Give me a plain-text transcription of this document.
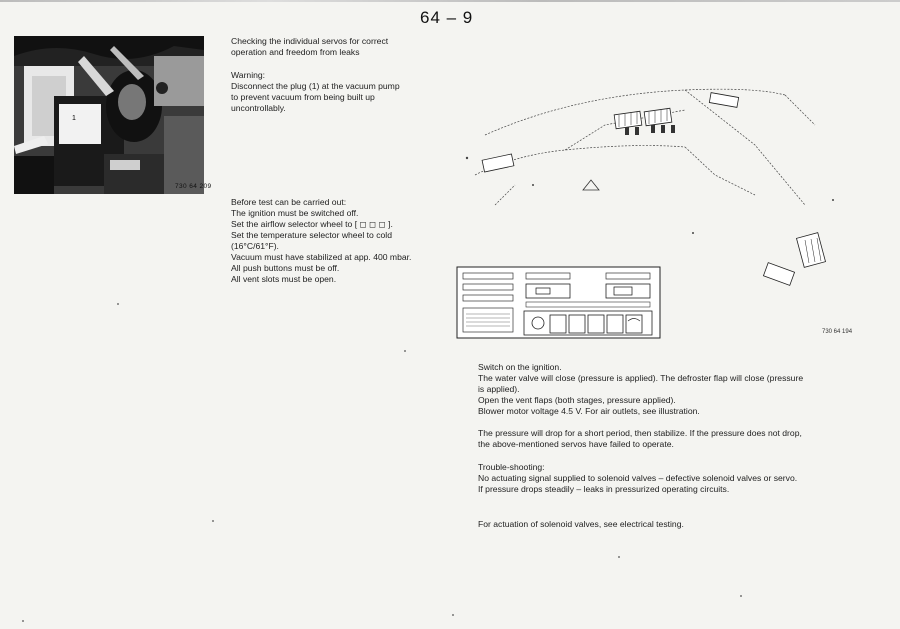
64 – 9
1
730 64 209
Checking the individual servos for correct
operation and freedom from leaks
Warning:
Disconnect the plug (1) at the vacuum pump
to prevent vacuum from being built up
uncontrollably.
Before test can be carried out:
The ignition must be switched off.
Set the airflow selector wheel to [ ◻ ◻ ◻ ].
Set the temperature selector wheel to cold
(16°C/61°F).
Vacuum must have stabilized at app. 400 mbar.
All push buttons must be off.
All vent slots must be open.
730 64 194
Switch on the ignition.
The water valve will close (pressure is applied). The defroster flap will close (pressure
is applied).
Open the vent flaps (both stages, pressure applied).
Blower motor voltage 4.5 V. For air outlets, see illustration.
The pressure will drop for a short period, then stabilize. If the pressure does not drop,
the above-mentioned servos have failed to operate.
Trouble-shooting:
No actuating signal supplied to solenoid valves – defective solenoid valves or servo.
If pressure drops steadily – leaks in pressurized operating circuits.
For actuation of solenoid valves, see electrical testing.
